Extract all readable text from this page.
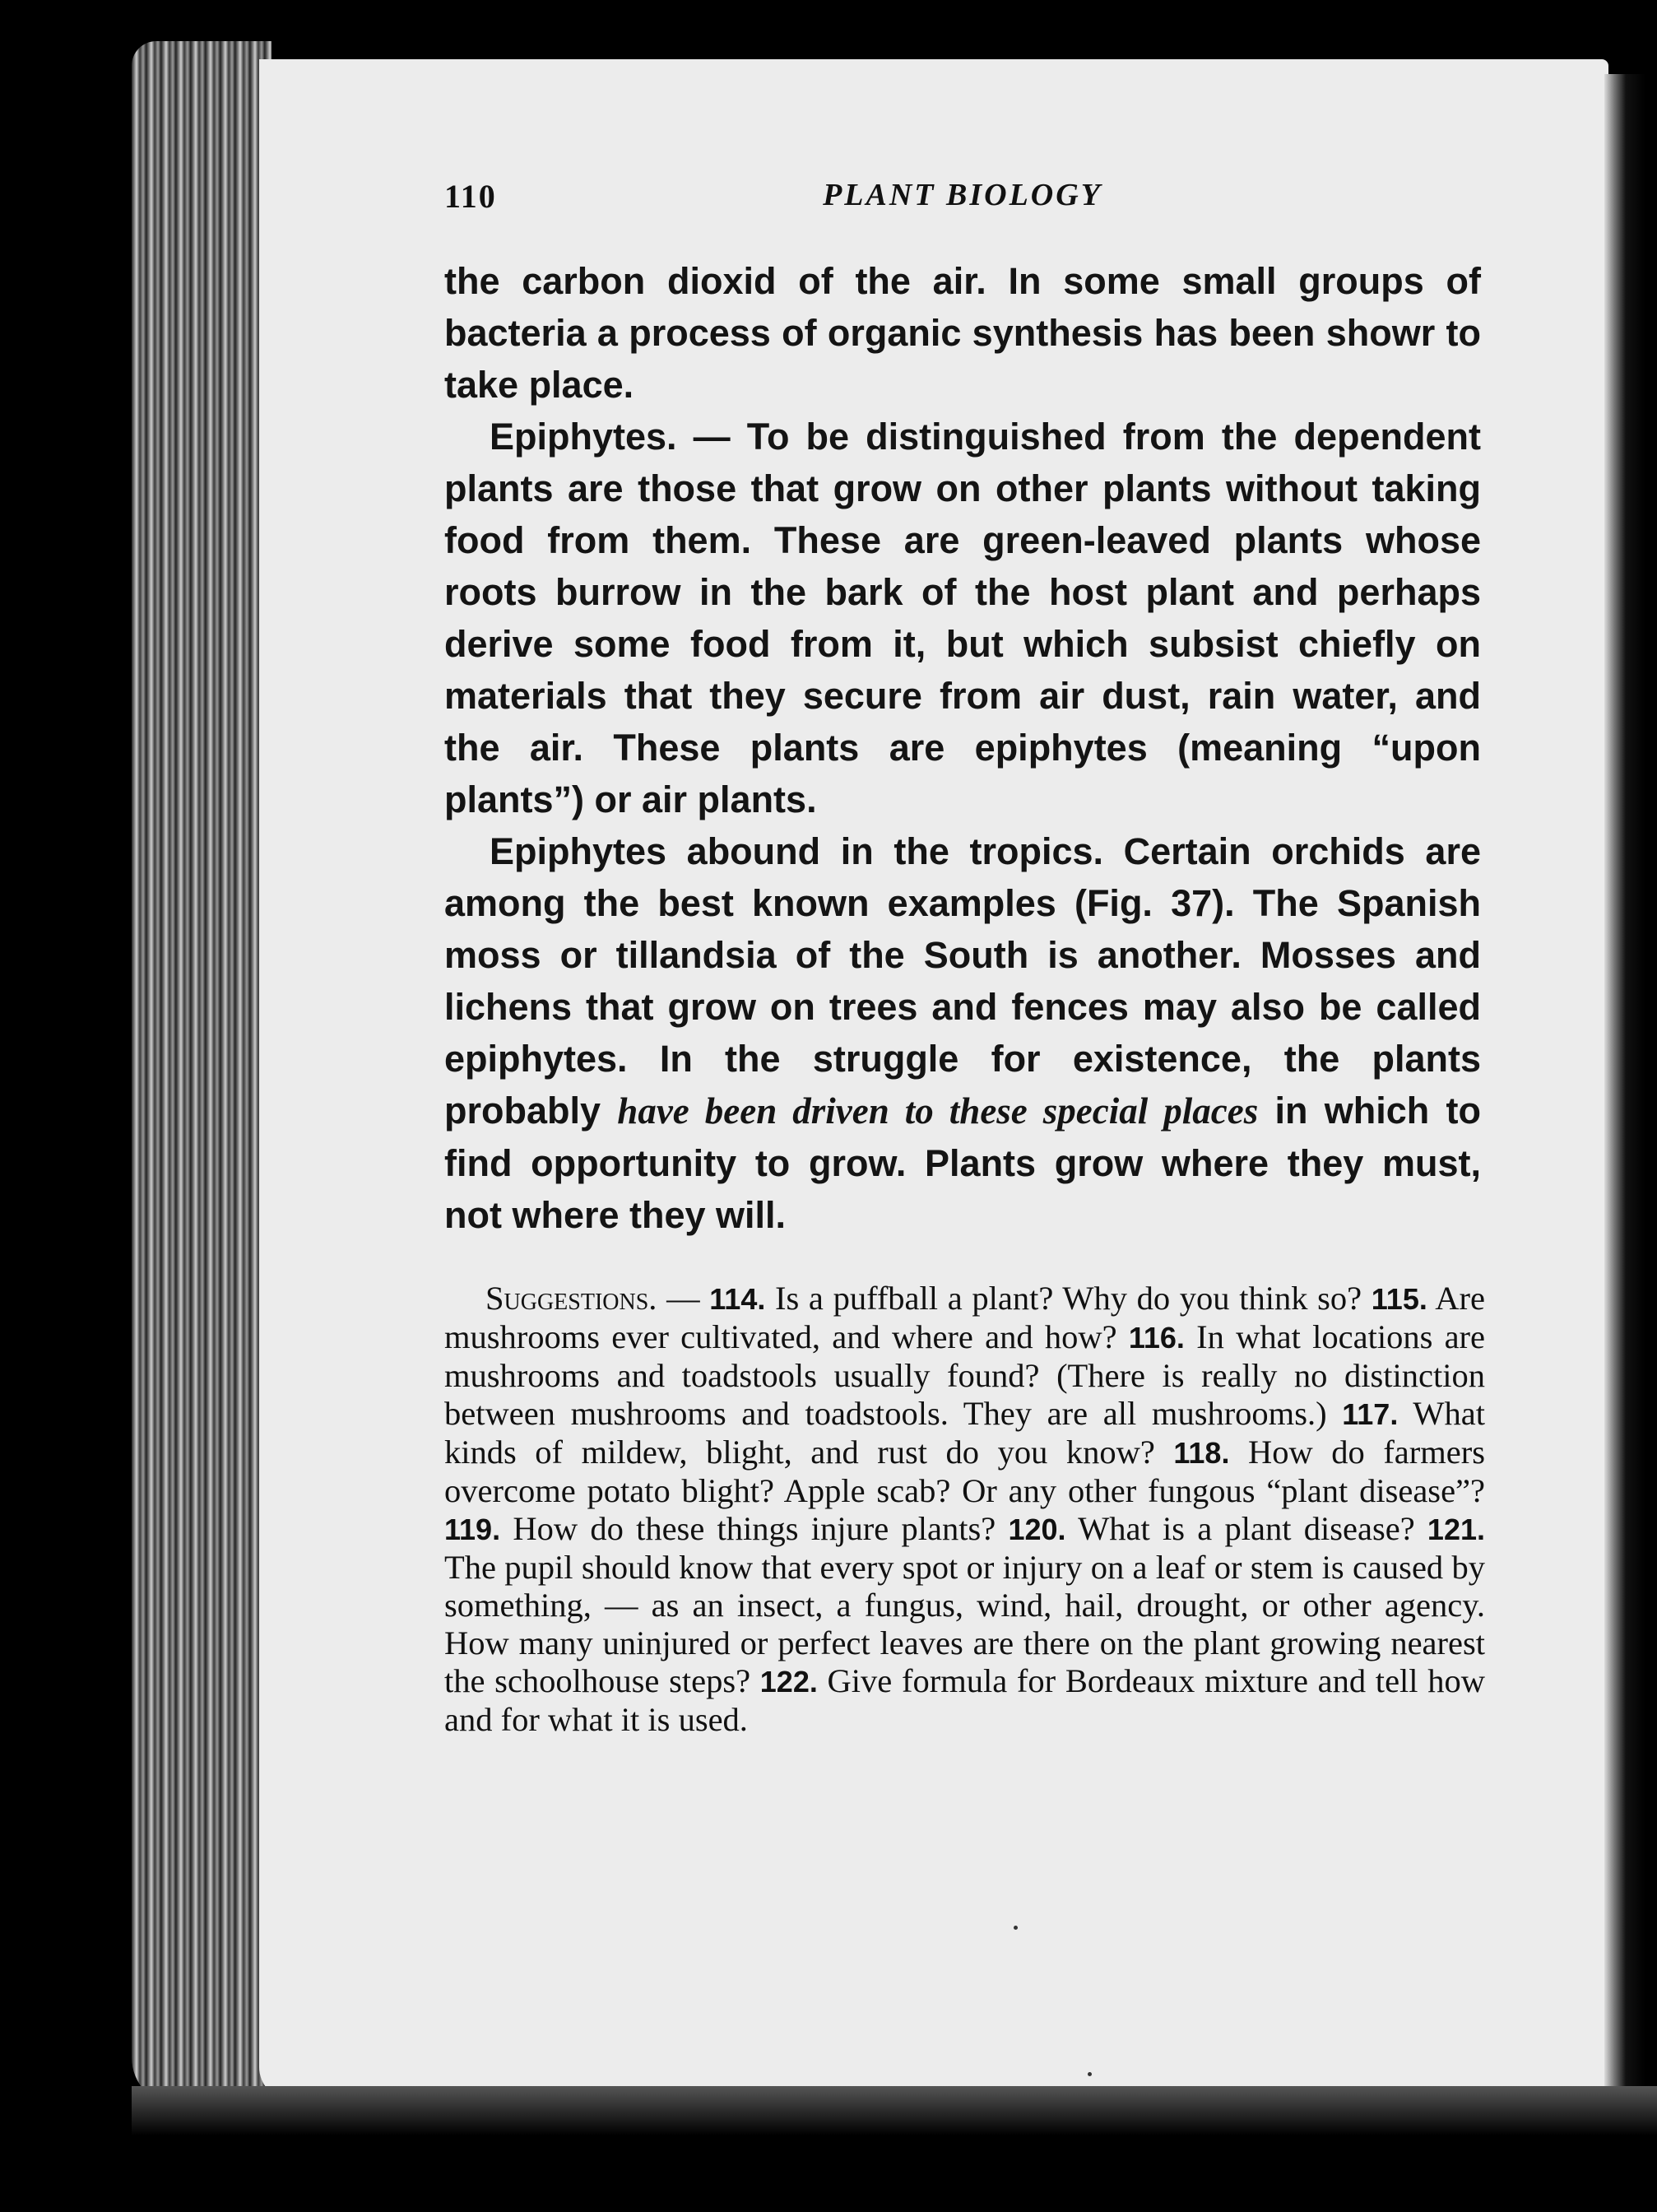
110	PLANT BIOLOGY

the carbon dioxid of the air. In some small groups of bacteria a process of organic synthesis has been showr to take place.

Epiphytes. — To be distinguished from the dependent plants are those that grow on other plants without taking food from them. These are green-leaved plants whose roots burrow in the bark of the host plant and perhaps derive some food from it, but which subsist chiefly on materials that they secure from air dust, rain water, and the air. These plants are epiphytes (meaning “upon plants”) or air plants.

Epiphytes abound in the tropics. Certain orchids are among the best known examples (Fig. 37). The Spanish moss or tillandsia of the South is another. Mosses and lichens that grow on trees and fences may also be called epiphytes. In the struggle for existence, the plants probably have been driven to these special places in which to find opportunity to grow. Plants grow where they must, not where they will.

Suggestions. — 114. Is a puffball a plant? Why do you think so? 115. Are mushrooms ever cultivated, and where and how? 116. In what locations are mushrooms and toadstools usually found? (There is really no distinction between mushrooms and toadstools. They are all mushrooms.) 117. What kinds of mildew, blight, and rust do you know? 118. How do farmers overcome potato blight? Apple scab? Or any other fungous “plant disease”? 119. How do these things injure plants? 120. What is a plant disease? 121. The pupil should know that every spot or injury on a leaf or stem is caused by something, — as an insect, a fungus, wind, hail, drought, or other agency. How many uninjured or perfect leaves are there on the plant growing nearest the schoolhouse steps? 122. Give formula for Bordeaux mixture and tell how and for what it is used.
